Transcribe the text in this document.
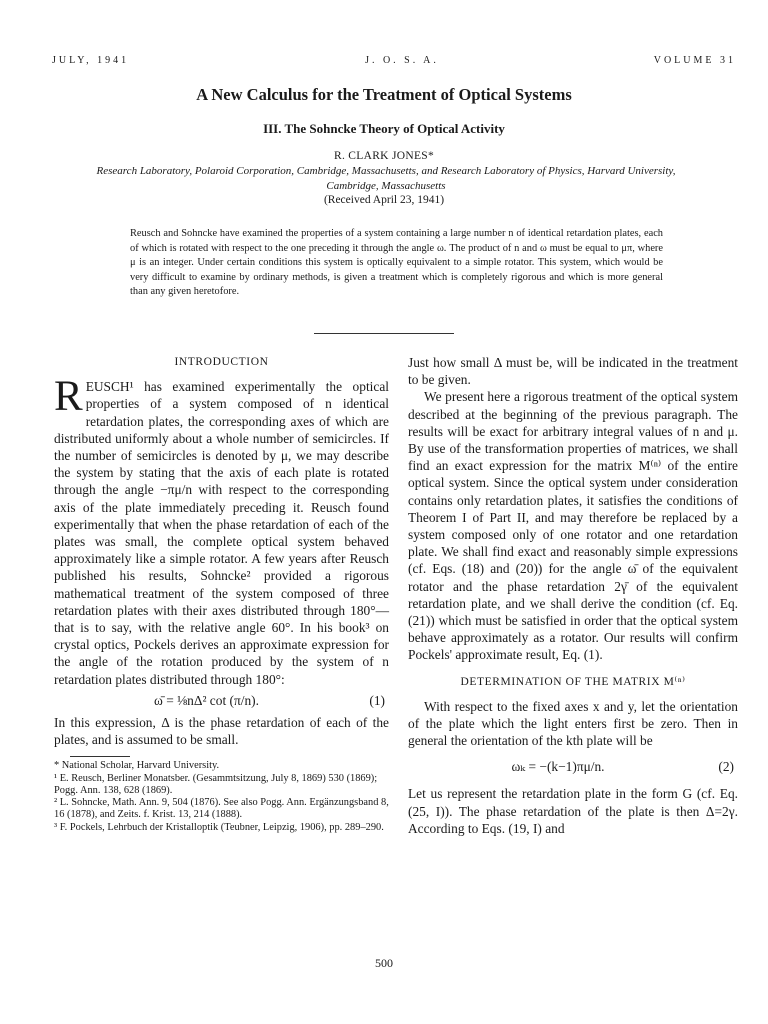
JULY, 1941	J. O. S. A.	VOLUME 31
A New Calculus for the Treatment of Optical Systems
III. The Sohncke Theory of Optical Activity
R. CLARK JONES*
Research Laboratory, Polaroid Corporation, Cambridge, Massachusetts, and Research Laboratory of Physics, Harvard University, Cambridge, Massachusetts
(Received April 23, 1941)
Reusch and Sohncke have examined the properties of a system containing a large number n of identical retardation plates, each of which is rotated with respect to the one preceding it through the angle ω. The product of n and ω must be equal to μπ, where μ is an integer. Under certain conditions this system is optically equivalent to a simple rotator. This system, which would be very difficult to examine by ordinary methods, is given a treatment which is completely rigorous and which is more general than any given heretofore.
INTRODUCTION

REUSCH¹ has examined experimentally the optical properties of a system composed of n identical retardation plates, the corresponding axes of which are distributed uniformly about a whole number of semicircles. If the number of semicircles is denoted by μ, we may describe the system by stating that the axis of each plate is rotated through the angle −πμ/n with respect to the corresponding axis of the plate immediately preceding it. Reusch found experimentally that when the phase retardation of each of the plates was small, the complete optical system behaved approximately like a simple rotator. A few years after Reusch published his results, Sohncke² provided a rigorous mathematical treatment of the system composed of three retardation plates with their axes distributed through 180°—that is to say, with the relative angle 60°. In his book³ on crystal optics, Pockels derives an approximate expression for the angle of the rotation produced by the system of n retardation plates distributed through 180°:

ω̄ = ⅛nΔ² cot (π/n).	(1)

In this expression, Δ is the phase retardation of each of the plates, and is assumed to be small.

* National Scholar, Harvard University.
¹ E. Reusch, Berliner Monatsber. (Gesammtsitzung, July 8, 1869) 530 (1869); Pogg. Ann. 138, 628 (1869).
² L. Sohncke, Math. Ann. 9, 504 (1876). See also Pogg. Ann. Ergänzungsband 8, 16 (1878), and Zeits. f. Krist. 13, 214 (1888).
³ F. Pockels, Lehrbuch der Kristalloptik (Teubner, Leipzig, 1906), pp. 289–290.

Just how small Δ must be, will be indicated in the treatment to be given.

We present here a rigorous treatment of the optical system described at the beginning of the previous paragraph. The results will be exact for arbitrary integral values of n and μ. By use of the transformation properties of matrices, we shall find an exact expression for the matrix M⁽ⁿ⁾ of the entire optical system. Since the optical system under consideration contains only retardation plates, it satisfies the conditions of Theorem I of Part II, and may therefore be replaced by a system composed only of one rotator and one retardation plate. We shall find exact and reasonably simple expressions (cf. Eqs. (18) and (20)) for the angle ω̄ of the equivalent rotator and the phase retardation 2γ̄ of the equivalent retardation plate, and we shall derive the condition (cf. Eq. (21)) which must be satisfied in order that the optical system behave approximately as a rotator. Our results will confirm Pockels' approximate result, Eq. (1).

DETERMINATION OF THE MATRIX M⁽ⁿ⁾

With respect to the fixed axes x and y, let the orientation of the plate which the light enters first be zero. Then in general the orientation of the kth plate will be

ωₖ = −(k−1)πμ/n.	(2)

Let us represent the retardation plate in the form G (cf. Eq. (25, I)). The phase retardation of the plate is then Δ=2γ. According to Eqs. (19, I) and

500
